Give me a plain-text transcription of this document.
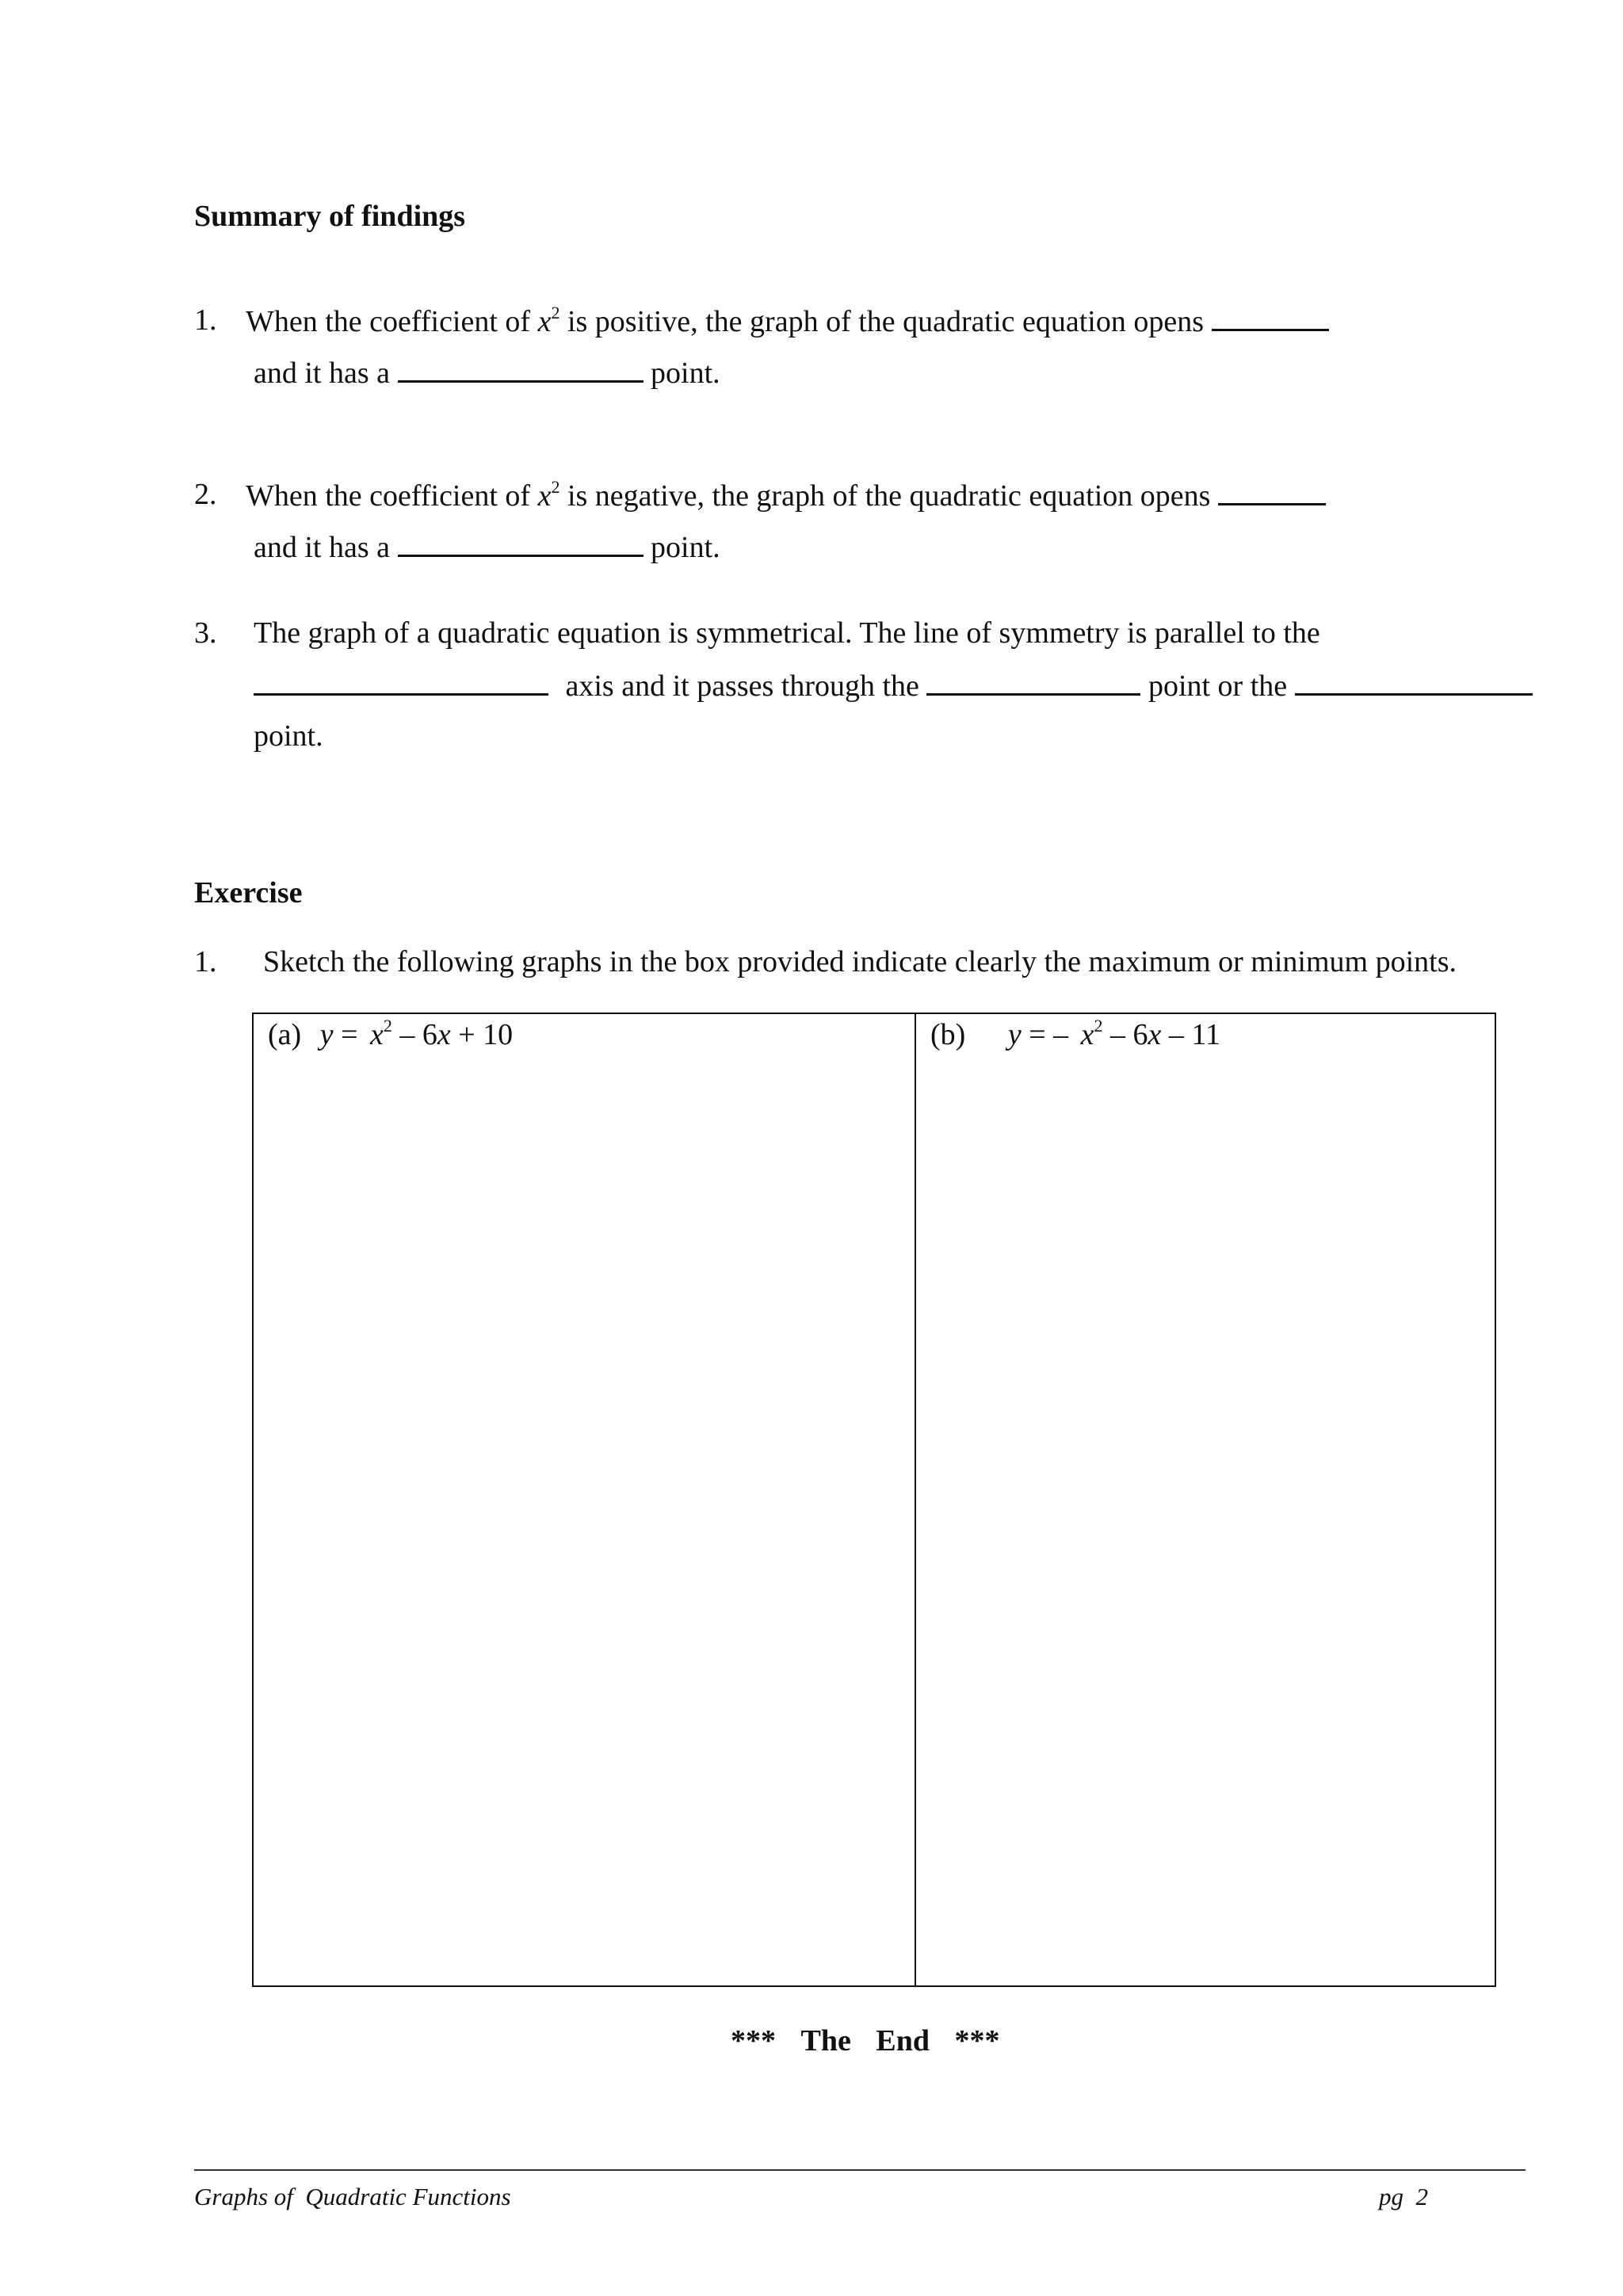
Summary of findings
1. When the coefficient of $x^2$ is positive, the graph of the quadratic equation opens
and it has a	point.
2. When the coefficient of $x^2$ is negative, the graph of the quadratic equation opens
and it has a	point.
3. The graph of a quadratic equation is symmetrical. The line of symmetry is parallel to the
axis and it passes through the	point or the
point.
Exercise
1. Sketch the following graphs in the box provided indicate clearly the maximum or minimum points.
(a) $y = x^2 - 6x + 10$	(b) y = – $x^2 - 6x - 11$
*** The End ***
Graphs of  Quadratic Functions	pg  2
